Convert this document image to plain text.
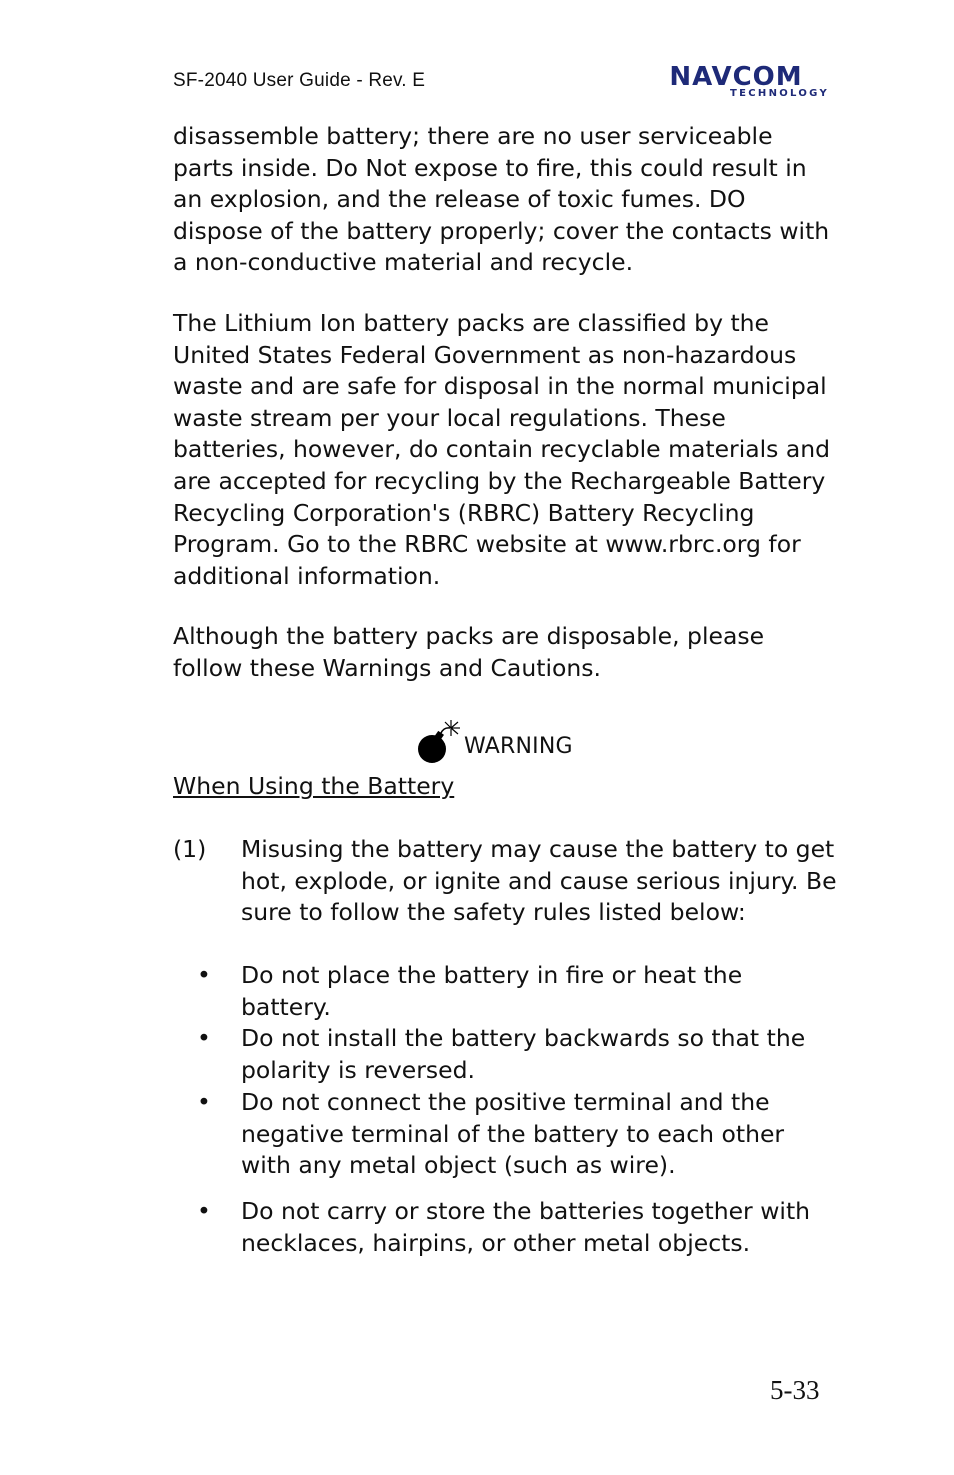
SF-2040 User Guide - Rev. E	NAVCOM
TECHNOLOGY

disassemble battery; there are no user serviceable parts inside. Do Not expose to fire, this could result in an explosion, and the release of toxic fumes. DO dispose of the battery properly; cover the contacts with a non-conductive material and recycle.

The Lithium Ion battery packs are classified by the United States Federal Government as non-hazardous waste and are safe for disposal in the normal municipal waste stream per your local regulations. These batteries, however, do contain recyclable materials and are accepted for recycling by the Rechargeable Battery Recycling Corporation's (RBRC) Battery Recycling Program. Go to the RBRC website at www.rbrc.org for additional information.

Although the battery packs are disposable, please follow these Warnings and Cautions.

WARNING
When Using the Battery
(1) Misusing the battery may cause the battery to get hot, explode, or ignite and cause serious injury. Be sure to follow the safety rules listed below:
• Do not place the battery in fire or heat the battery.
• Do not install the battery backwards so that the polarity is reversed.
• Do not connect the positive terminal and the negative terminal of the battery to each other with any metal object (such as wire).
• Do not carry or store the batteries together with necklaces, hairpins, or other metal objects.
5-33
